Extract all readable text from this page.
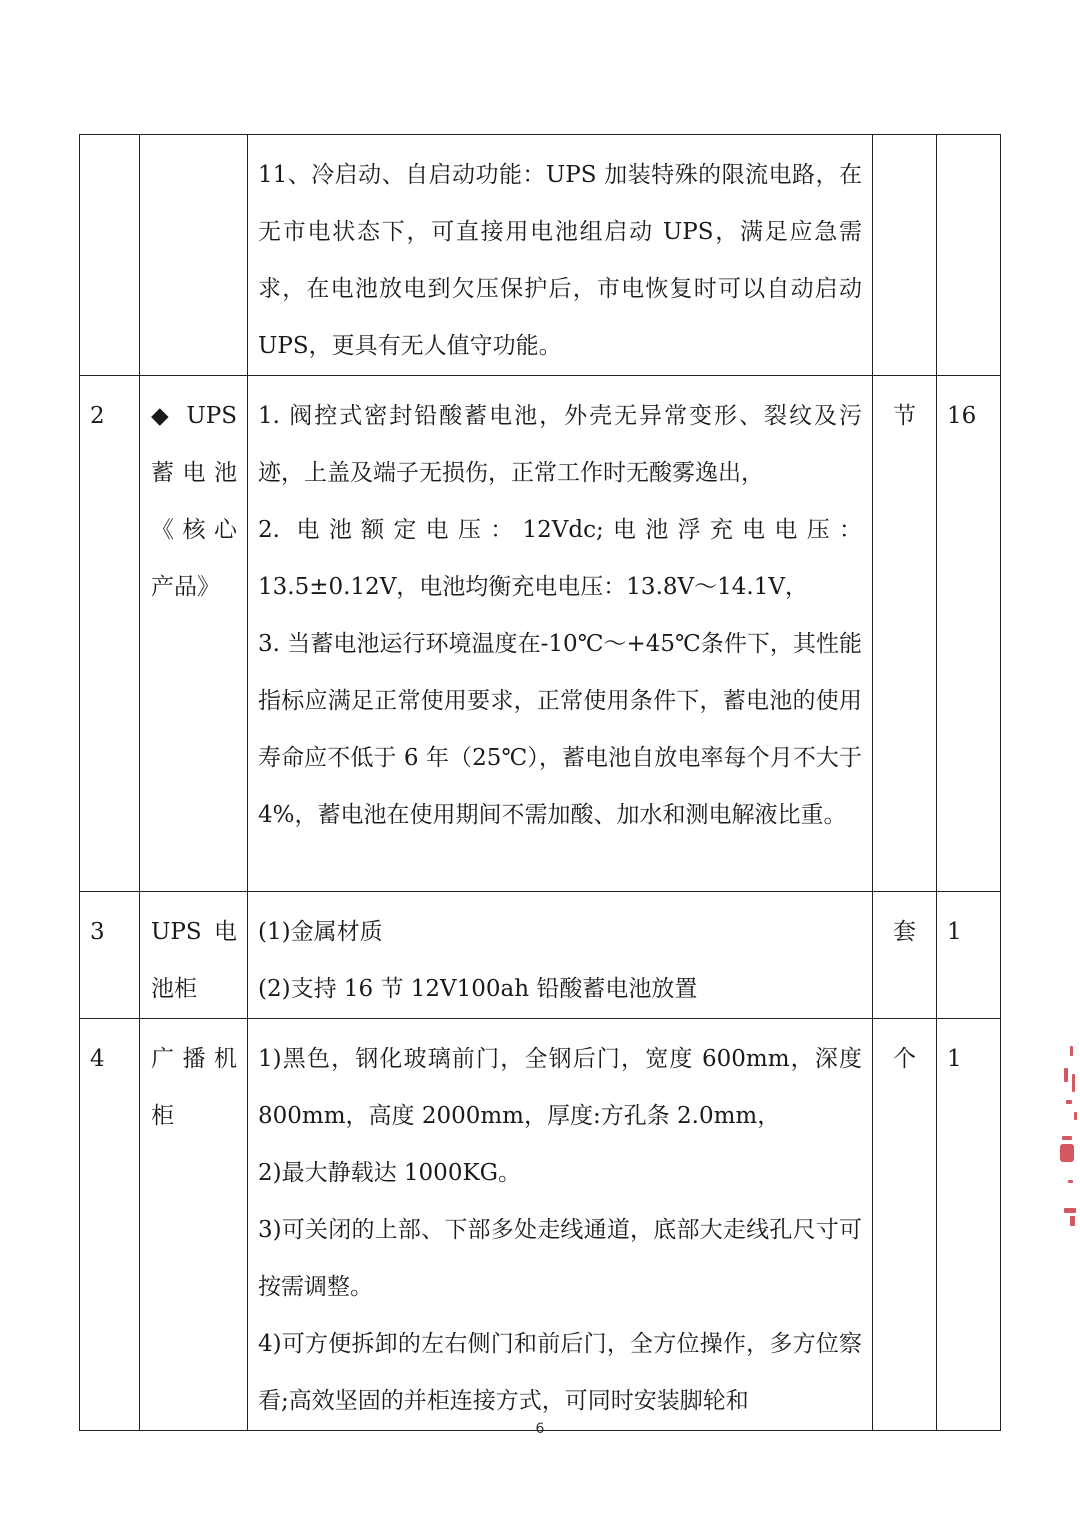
		11、冷启动、自启动功能：UPS 加装特殊的限流电路，在无市电状态下，可直接用电池组启动 UPS，满足应急需求，在电池放电到欠压保护后，市电恢复时可以自动启动 UPS，更具有无人值守功能。		

2	◆ UPS 蓄电池《核心产品》	1. 阀控式密封铅酸蓄电池，外壳无异常变形、裂纹及污迹，上盖及端子无损伤，正常工作时无酸雾逸出，

2. 电池额定电压：12Vdc;电池浮充电电压：13.5±0.12V，电池均衡充电电压：13.8V～14.1V，

3. 当蓄电池运行环境温度在-10℃～+45℃条件下，其性能指标应满足正常使用要求，正常使用条件下，蓄电池的使用寿命应不低于 6 年（25℃），蓄电池自放电率每个月不大于 4%，蓄电池在使用期间不需加酸、加水和测电解液比重。	节	16
3	UPS 电池柜	(1)金属材质

(2)支持 16 节 12V100ah 铅酸蓄电池放置	套	1
4	广播机柜	1)黑色，钢化玻璃前门，全钢后门，宽度 600mm，深度 800mm，高度 2000mm，厚度:方孔条 2.0mm，

2)最大静载达 1000KG。

3)可关闭的上部、下部多处走线通道，底部大走线孔尺寸可按需调整。

4)可方便拆卸的左右侧门和前后门，全方位操作，多方位察看;高效坚固的并柜连接方式，可同时安装脚轮和	个	1
6
